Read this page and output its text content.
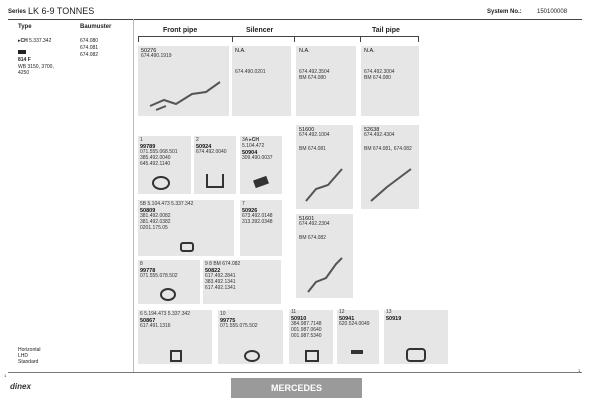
Series LK 6-9 TONNES	System No.:	150100008
Type	Baumuster
▸CH 5.337.342
814 F
WB 3150, 3700,
4250
674.080
674.081
674.082
Horizontal
LHD
Standard
Front pipe	Silencer	Tail pipe
50276
674.490.1919
N.A.
674.490.0201
N.A.
674.492.3504
BM 674.080
N.A.
674.492.3004
BM 674.080
51600
674.492.1004
BM 674.081
52638
674.492.4304
BM 674.081, 674.082
51601
674.492.2304
BM 674.082
1
99789
071.555.068.501
385.492.0040
645.492.1140
2
50924
674.492.0040
3A ▸CH
5.104.472
50904
309.490.0037
5B 5.104.473 5.337.342
50809
381.492.0082
381.492.0382
0201.175.05
7
50926
673.492.0148
313.392.0348
8
99778
071.555.078.502
9 8 BM 674.082
50822
617.492.2841
383.492.1341
617.492.1341
6 5.194.473 5.337.342
50867
617.491.1316
10
99775
071.555.075.502
11
50910
384.987.7148
001.987.0640
001.987.5340
12
50941
620.524.0049
13
50919
dinex	MERCEDES
1
1
